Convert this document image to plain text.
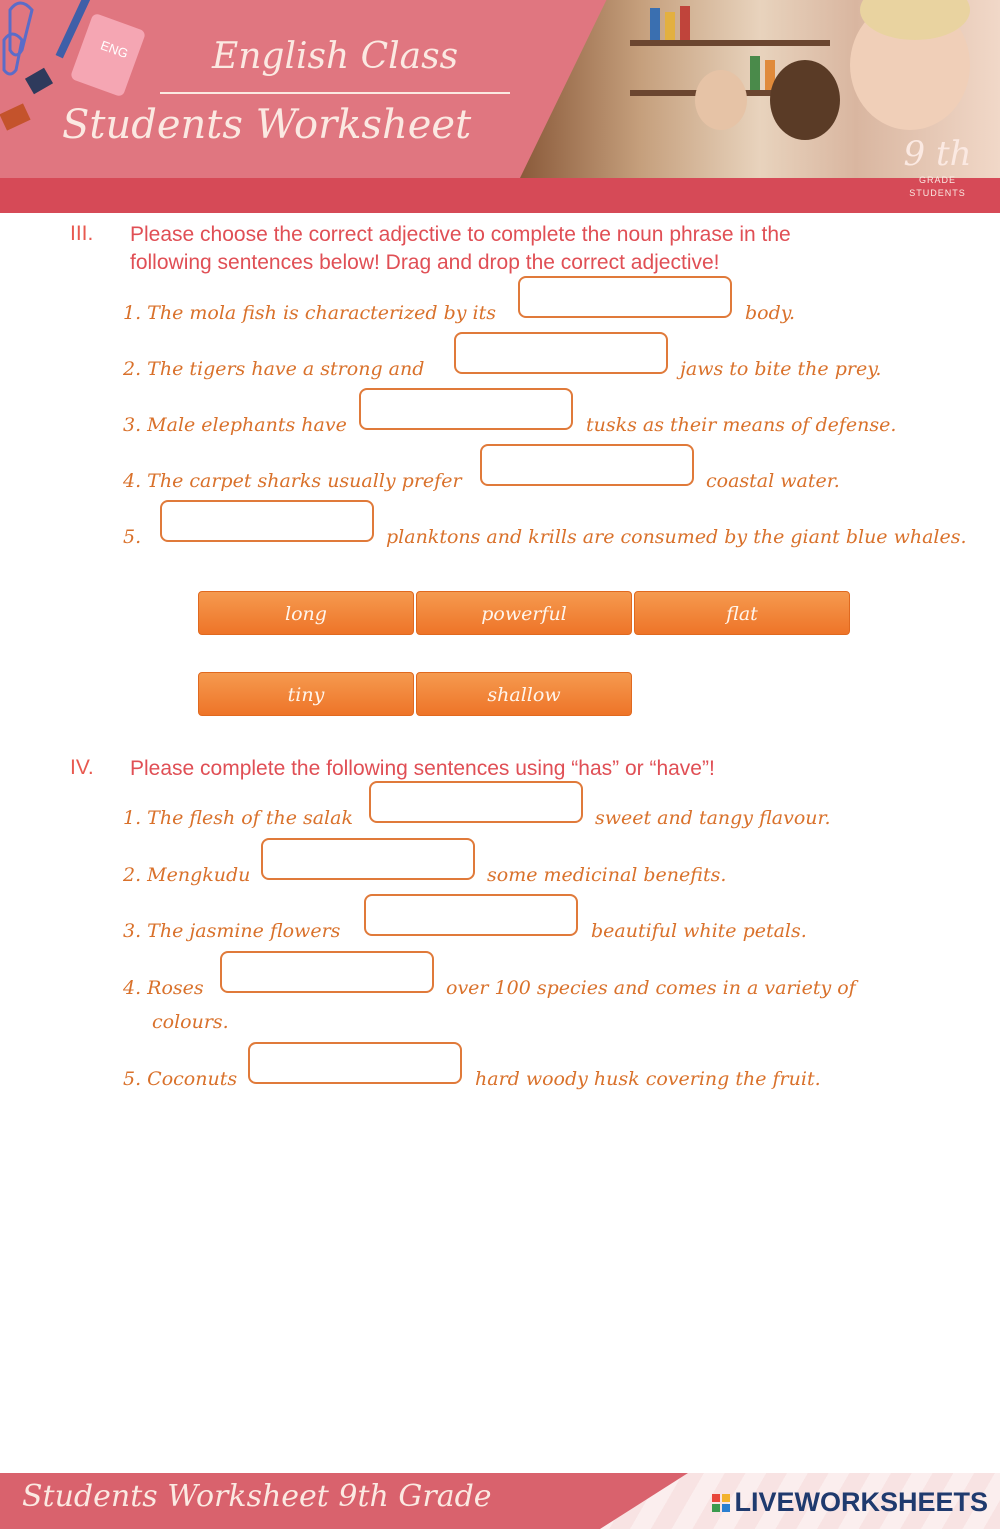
ENG	English Class
Students Worksheet
9 th
GRADE
STUDENTS
III. Please choose the correct adjective to complete the noun phrase in the
following sentences below! Drag and drop the correct adjective!
1. The mola fish is characterized by its	body.
2. The tigers have a strong and	jaws to bite the prey.
3. Male elephants have	tusks as their means of defense.
4. The carpet sharks usually prefer	coastal water.
5.	planktons and krills are consumed by the giant blue whales.
long	powerful	flat
tiny	shallow
IV. Please complete the following sentences using “has” or “have”!
1. The flesh of the salak	sweet and tangy flavour.
2. Mengkudu	some medicinal benefits.
3. The jasmine flowers	beautiful white petals.
4. Roses	over 100 species and comes in a variety of
colours.
5. Coconuts	hard woody husk covering the fruit.
Students Worksheet 9th Grade	LIVEWORKSHEETS
